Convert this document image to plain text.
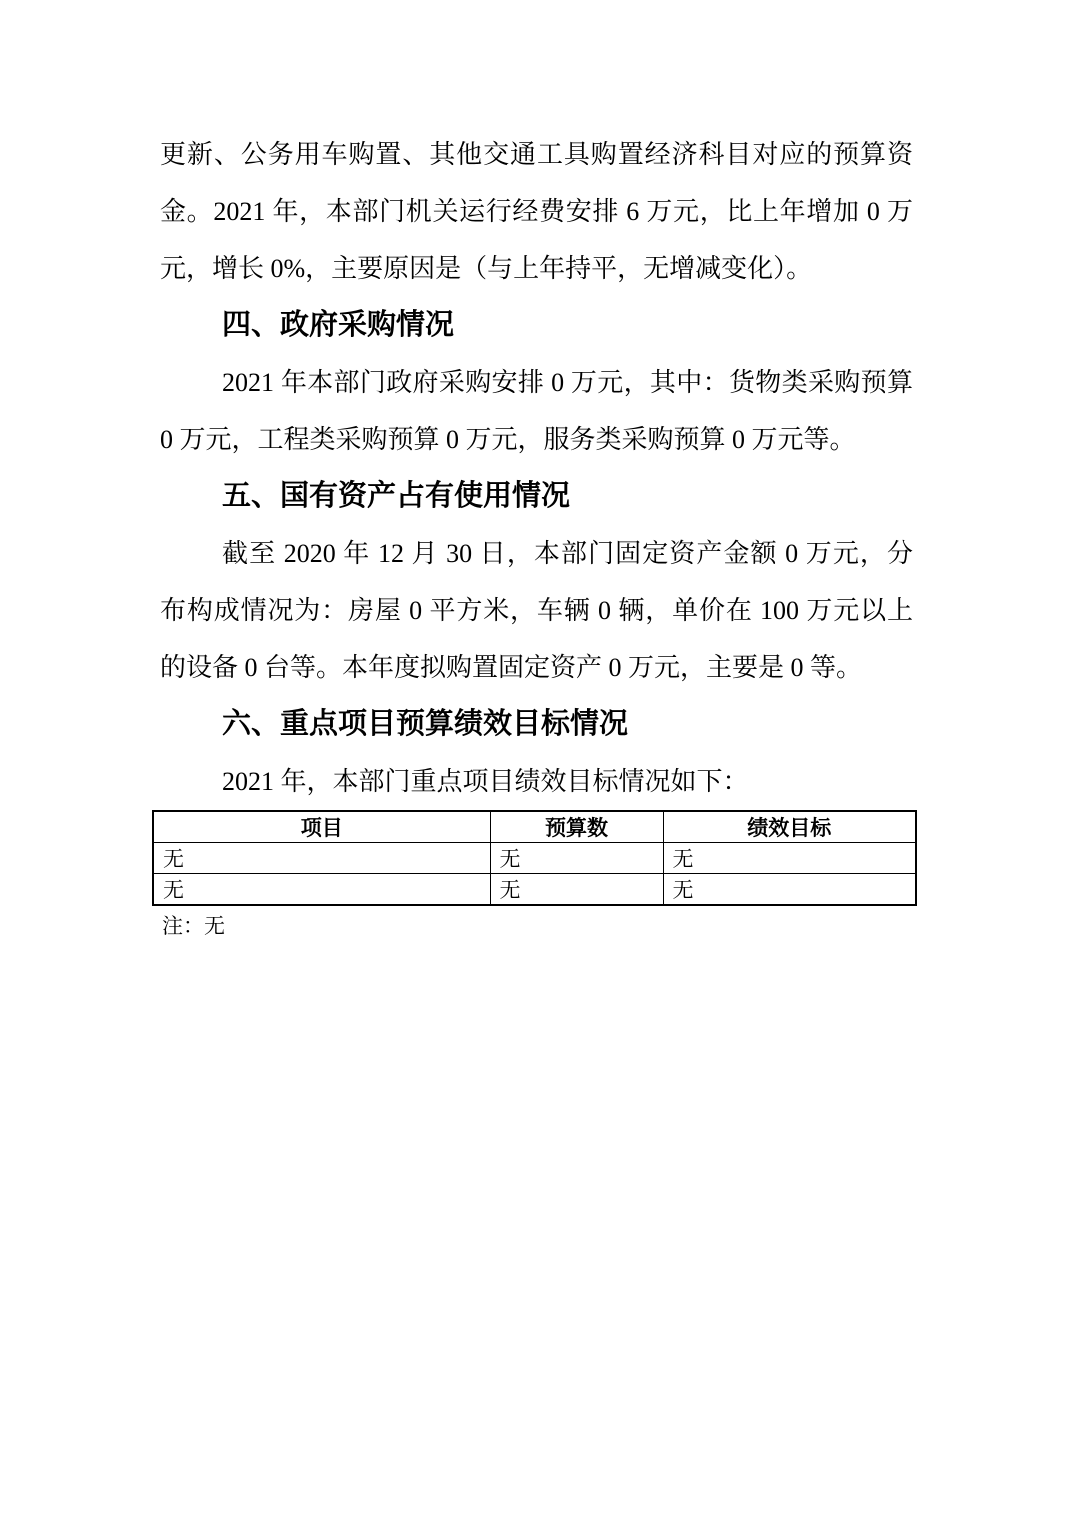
更新、公务用车购置、其他交通工具购置经济科目对应的预算资
金。2021 年，本部门机关运行经费安排 6 万元，比上年增加 0 万
元，增长 0%，主要原因是（与上年持平，无增减变化）。
四、政府采购情况
2021 年本部门政府采购安排 0 万元，其中：货物类采购预算
0 万元，工程类采购预算 0 万元，服务类采购预算 0 万元等。
五、国有资产占有使用情况
截至 2020 年 12 月 30 日，本部门固定资产金额 0 万元，分
布构成情况为：房屋 0 平方米，车辆 0 辆，单价在 100 万元以上
的设备 0 台等。本年度拟购置固定资产 0 万元，主要是 0 等。
六、重点项目预算绩效目标情况
2021 年，本部门重点项目绩效目标情况如下：
项目	预算数	绩效目标
无	无	无
无	无	无
注：无
